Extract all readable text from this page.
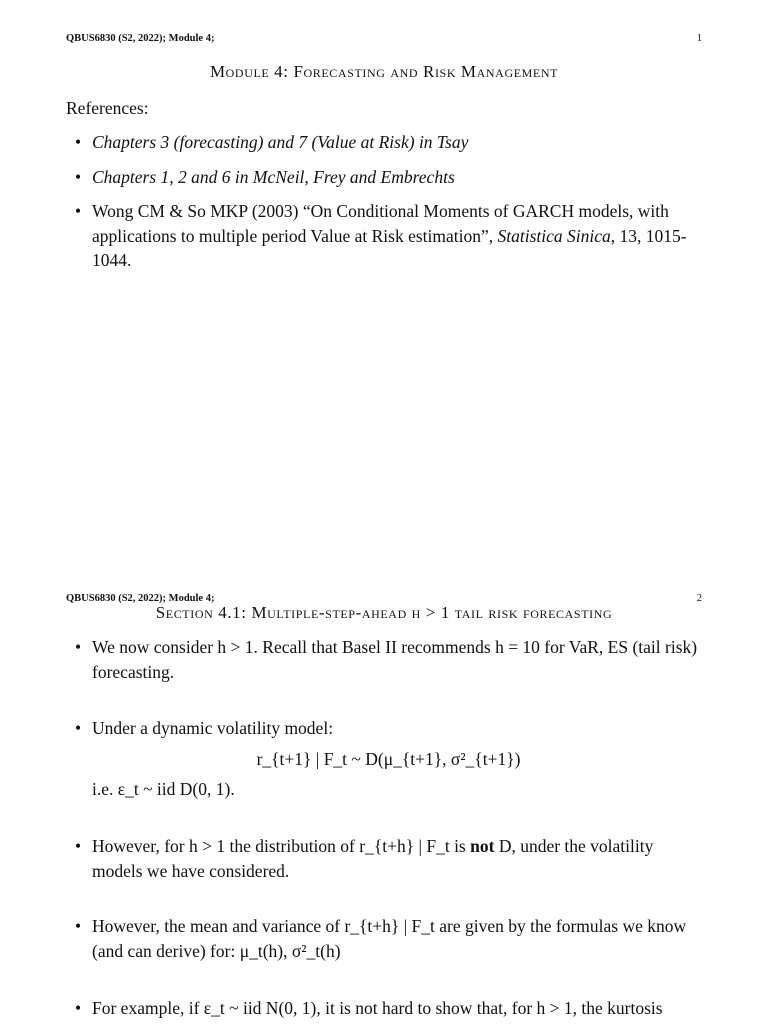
QBUS6830 (S2, 2022); Module 4;	1
Module 4: Forecasting and Risk Management
References:
• Chapters 3 (forecasting) and 7 (Value at Risk) in Tsay
• Chapters 1, 2 and 6 in McNeil, Frey and Embrechts
• Wong CM & So MKP (2003) “On Conditional Moments of GARCH models, with applications to multiple period Value at Risk estimation”, Statistica Sinica, 13, 1015-1044.
QBUS6830 (S2, 2022); Module 4;	2
Section 4.1: Multiple-step-ahead h > 1 tail risk forecasting
• We now consider h > 1. Recall that Basel II recommends h = 10 for VaR, ES (tail risk) forecasting.
• Under a dynamic volatility model:
r_{t+1} | F_t ~ D(μ_{t+1}, σ²_{t+1})
i.e. ε_t ~ iid D(0, 1).
• However, for h > 1 the distribution of r_{t+h} | F_t is not D, under the volatility models we have considered.
• However, the mean and variance of r_{t+h} | F_t are given by the formulas we know (and can derive) for: μ_t(h), σ²_t(h)
• For example, if ε_t ~ iid N(0, 1), it is not hard to show that, for h > 1, the kurtosis
